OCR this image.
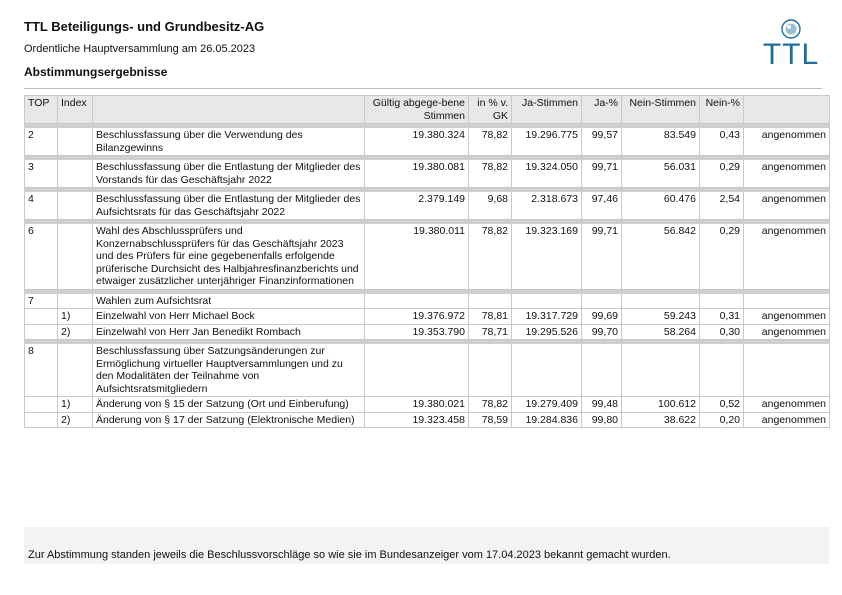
TTL Beteiligungs- und Grundbesitz-AG
Ordentliche Hauptversammlung am 26.05.2023
Abstimmungsergebnisse
TTL
TOP	Index		Gültig abgege-bene Stimmen	in % v. GK	Ja-Stimmen	Ja-%	Nein-Stimmen	Nein-%	

2		Beschlussfassung über die Verwendung des Bilanzgewinns	19.380.324	78,82	19.296.775	99,57	83.549	0,43	angenommen

3		Beschlussfassung über die Entlastung der Mitglieder des Vorstands für das Geschäftsjahr 2022	19.380.081	78,82	19.324.050	99,71	56.031	0,29	angenommen

4		Beschlussfassung über die Entlastung der Mitglieder des Aufsichtsrats für das Geschäftsjahr 2022	2.379.149	9,68	2.318.673	97,46	60.476	2,54	angenommen

6		Wahl des Abschlussprüfers und Konzernabschlussprüfers für das Geschäftsjahr 2023 und des Prüfers für eine gegebenenfalls erfolgende prüferische Durchsicht des Halbjahresfinanzberichts und etwaiger zusätzlicher unterjähriger Finanzinformationen	19.380.011	78,82	19.323.169	99,71	56.842	0,29	angenommen

7		Wahlen zum Aufsichtsrat							
	1)	Einzelwahl von Herr Michael Bock	19.376.972	78,81	19.317.729	99,69	59.243	0,31	angenommen
	2)	Einzelwahl von Herr Jan Benedikt Rombach	19.353.790	78,71	19.295.526	99,70	58.264	0,30	angenommen

8		Beschlussfassung über Satzungsänderungen zur Ermöglichung virtueller Hauptversammlungen und zu den Modalitäten der Teilnahme von Aufsichtsratsmitgliedern							
	1)	Änderung von § 15 der Satzung (Ort und Einberufung)	19.380.021	78,82	19.279.409	99,48	100.612	0,52	angenommen
	2)	Änderung von § 17 der Satzung (Elektronische Medien)	19.323.458	78,59	19.284.836	99,80	38.622	0,20	angenommen
Zur Abstimmung standen jeweils die Beschlussvorschläge so wie sie im Bundesanzeiger vom 17.04.2023 bekannt gemacht wurden.
